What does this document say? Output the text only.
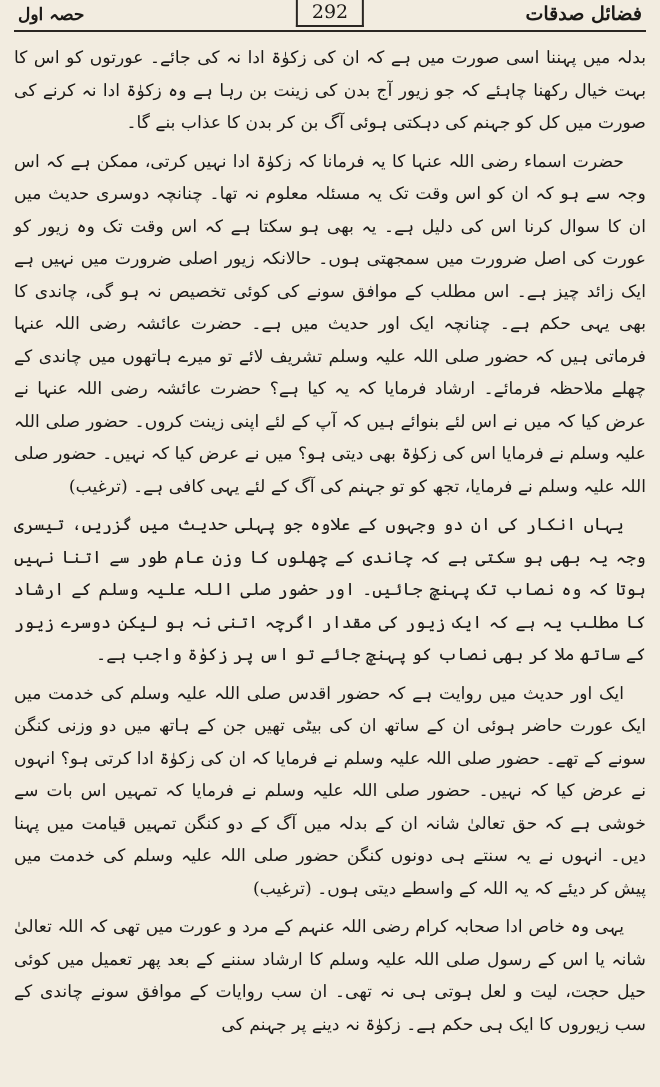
فضائل صدقات
292
حصہ اول

بدلہ میں پہننا اسی صورت میں ہے کہ ان کی زکوٰۃ ادا نہ کی جائے۔ عورتوں کو اس کا بہت خیال رکھنا چاہئے کہ جو زیور آج بدن کی زینت بن رہا ہے وہ زکوٰۃ ادا نہ کرنے کی صورت میں کل کو جہنم کی دہکتی ہوئی آگ بن کر بدن کا عذاب بنے گا۔

حضرت اسماء رضی اللہ عنہا کا یہ فرمانا کہ زکوٰۃ ادا نہیں کرتی، ممکن ہے کہ اس وجہ سے ہو کہ ان کو اس وقت تک یہ مسئلہ معلوم نہ تھا۔ چنانچہ دوسری حدیث میں ان کا سوال کرنا اس کی دلیل ہے۔ یہ بھی ہو سکتا ہے کہ اس وقت تک وہ زیور کو عورت کی اصل ضرورت میں سمجھتی ہوں۔ حالانکہ زیور اصلی ضرورت میں نہیں ہے ایک زائد چیز ہے۔ اس مطلب کے موافق سونے کی کوئی تخصیص نہ ہو گی، چاندی کا بھی یہی حکم ہے۔ چنانچہ ایک اور حدیث میں ہے۔ حضرت عائشہ رضی اللہ عنہا فرماتی ہیں کہ حضور صلی اللہ علیہ وسلم تشریف لائے تو میرے ہاتھوں میں چاندی کے چھلے ملاحظہ فرمائے۔ ارشاد فرمایا کہ یہ کیا ہے؟ حضرت عائشہ رضی اللہ عنہا نے عرض کیا کہ میں نے اس لئے بنوائے ہیں کہ آپ کے لئے اپنی زینت کروں۔ حضور صلی اللہ علیہ وسلم نے فرمایا اس کی زکوٰۃ بھی دیتی ہو؟ میں نے عرض کیا کہ نہیں۔ حضور صلی اللہ علیہ وسلم نے فرمایا، تجھ کو تو جہنم کی آگ کے لئے یہی کافی ہے۔ (ترغیب)

یہاں انکار کی ان دو وجہوں کے علاوہ جو پہلی حدیث میں گزریں، تیسری وجہ یہ بھی ہو سکتی ہے کہ چاندی کے چھلوں کا وزن عام طور سے اتنا نہیں ہوتا کہ وہ نصاب تک پہنچ جائیں۔ اور حضور صلی اللہ علیہ وسلم کے ارشاد کا مطلب یہ ہے کہ ایک زیور کی مقدار اگرچہ اتنی نہ ہو لیکن دوسرے زیور کے ساتھ ملا کر بھی نصاب کو پہنچ جائے تو اس پر زکوٰۃ واجب ہے۔

ایک اور حدیث میں روایت ہے کہ حضور اقدس صلی اللہ علیہ وسلم کی خدمت میں ایک عورت حاضر ہوئی ان کے ساتھ ان کی بیٹی تھیں جن کے ہاتھ میں دو وزنی کنگن سونے کے تھے۔ حضور صلی اللہ علیہ وسلم نے فرمایا کہ ان کی زکوٰۃ ادا کرتی ہو؟ انہوں نے عرض کیا کہ نہیں۔ حضور صلی اللہ علیہ وسلم نے فرمایا کہ تمہیں اس بات سے خوشی ہے کہ حق تعالیٰ شانہ ان کے بدلہ میں آگ کے دو کنگن تمہیں قیامت میں پہنا دیں۔ انہوں نے یہ سنتے ہی دونوں کنگن حضور صلی اللہ علیہ وسلم کی خدمت میں پیش کر دیئے کہ یہ اللہ کے واسطے دیتی ہوں۔ (ترغیب)

یہی وہ خاص ادا صحابہ کرام رضی اللہ عنہم کے مرد و عورت میں تھی کہ اللہ تعالیٰ شانہ یا اس کے رسول صلی اللہ علیہ وسلم کا ارشاد سننے کے بعد پھر تعمیل میں کوئی حیل حجت، لیت و لعل ہوتی ہی نہ تھی۔ ان سب روایات کے موافق سونے چاندی کے سب زیوروں کا ایک ہی حکم ہے۔ زکوٰۃ نہ دینے پر جہنم کی
